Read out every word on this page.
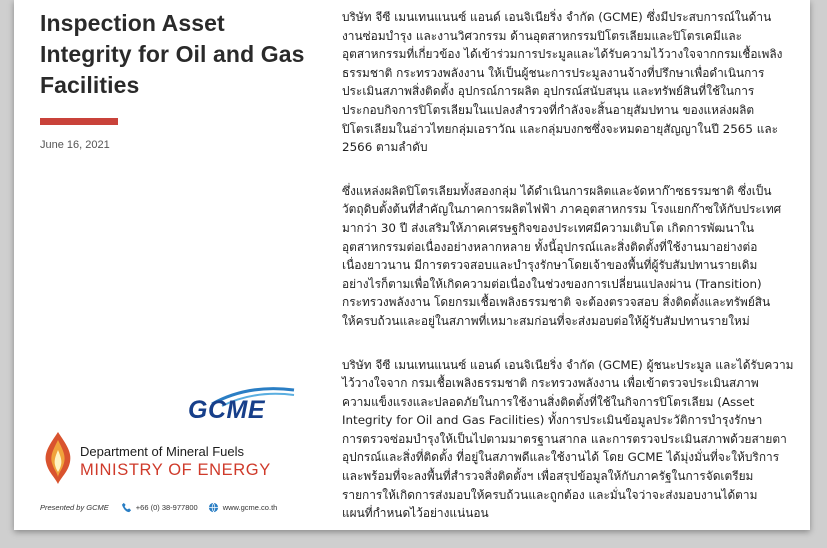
Inspection Asset Integrity for Oil and Gas Facilities
June 16, 2021
GCME
Department of Mineral Fuels
MINISTRY OF ENERGY
Presented by GCME	+66 (0) 38-977800	www.gcme.co.th

บริษัท จีซี เมนเทนแนนซ์ แอนด์ เอนจิเนียริ่ง จำกัด (GCME) ซึ่งมีประสบการณ์ในด้าน
งานซ่อมบำรุง และงานวิศวกรรม ด้านอุตสาหกรรมปิโตรเลียมและปิโตรเคมีและ
อุตสาหกรรมที่เกี่ยวข้อง ได้เข้าร่วมการประมูลและได้รับความไว้วางใจจากกรมเชื้อเพลิง
ธรรมชาติ กระทรวงพลังงาน ให้เป็นผู้ชนะการประมูลงานจ้างที่ปรึกษาเพื่อดำเนินการ
ประเมินสภาพสิ่งติดตั้ง อุปกรณ์การผลิต อุปกรณ์สนับสนุน และทรัพย์สินที่ใช้ในการ
ประกอบกิจการปิโตรเลียมในแปลงสำรวจที่กำลังจะสิ้นอายุสัมปทาน ของแหล่งผลิต
ปิโตรเลียมในอ่าวไทยกลุ่มเอราวัณ และกลุ่มบงกชซึ่งจะหมดอายุสัญญาในปี 2565 และ
2566 ตามลำดับ

ซึ่งแหล่งผลิตปิโตรเลียมทั้งสองกลุ่ม ได้ดำเนินการผลิตและจัดหาก๊าซธรรมชาติ ซึ่งเป็น
วัตถุดิบตั้งต้นที่สำคัญในภาคการผลิตไฟฟ้า ภาคอุตสาหกรรม โรงแยกก๊าซให้กับประเทศ
มากว่า 30 ปี ส่งเสริมให้ภาคเศรษฐกิจของประเทศมีความเติบโต เกิดการพัฒนาใน
อุตสาหกรรมต่อเนื่องอย่างหลากหลาย ทั้งนี้อุปกรณ์และสิ่งติดตั้งที่ใช้งานมาอย่างต่อ
เนื่องยาวนาน มีการตรวจสอบและบำรุงรักษาโดยเจ้าของพื้นที่ผู้รับสัมปทานรายเดิม
อย่างไรก็ตามเพื่อให้เกิดความต่อเนื่องในช่วงของการเปลี่ยนแปลงผ่าน (Transition)
กระทรวงพลังงาน โดยกรมเชื้อเพลิงธรรมชาติ จะต้องตรวจสอบ สิ่งติดตั้งและทรัพย์สิน
ให้ครบถ้วนและอยู่ในสภาพที่เหมาะสมก่อนที่จะส่งมอบต่อให้ผู้รับสัมปทานรายใหม่

บริษัท จีซี เมนเทนแนนซ์ แอนด์ เอนจิเนียริ่ง จำกัด (GCME) ผู้ชนะประมูล และได้รับความ
ไว้วางใจจาก กรมเชื้อเพลิงธรรมชาติ กระทรวงพลังงาน เพื่อเข้าตรวจประเมินสภาพ
ความแข็งแรงและปลอดภัยในการใช้งานสิ่งติดตั้งที่ใช้ในกิจการปิโตรเลียม (Asset
Integrity for Oil and Gas Facilities) ทั้งการประเมินข้อมูลประวัติการบำรุงรักษา
การตรวจซ่อมบำรุงให้เป็นไปตามมาตรฐานสากล และการตรวจประเมินสภาพด้วยสายตา
อุปกรณ์และสิ่งที่ติดตั้ง ที่อยู่ในสภาพดีและใช้งานได้ โดย GCME ได้มุ่งมั่นที่จะให้บริการ
และพร้อมที่จะลงพื้นที่สำรวจสิ่งติดตั้งฯ เพื่อสรุปข้อมูลให้กับภาครัฐในการจัดเตรียม
รายการให้เกิดการส่งมอบให้ครบถ้วนและถูกต้อง และมั่นใจว่าจะส่งมอบงานได้ตาม
แผนที่กำหนดไว้อย่างแน่นอน
